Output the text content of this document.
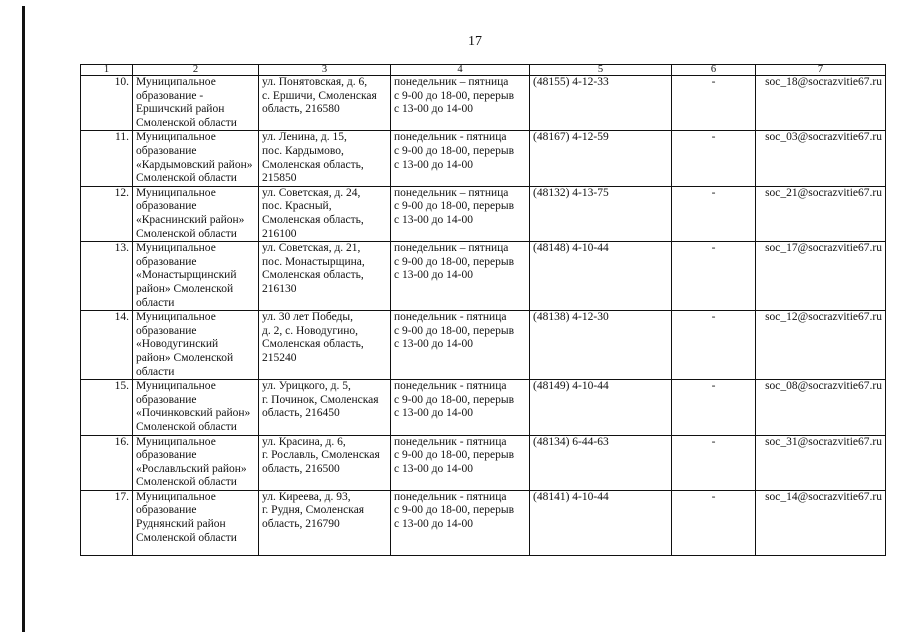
17
1	2	3	4	5	6	7
10.	Муниципальное
образование -
Ершичский район
Смоленской области	ул. Понятовская, д. 6,
с. Ершичи, Смоленская
область, 216580	понедельник – пятница
с 9-00 до 18-00, перерыв
с 13-00 до 14-00	(48155) 4-12-33	-	soc_18@socrazvitie67.ru
11.	Муниципальное
образование
«Кардымовский район»
Смоленской области	ул. Ленина, д. 15,
пос. Кардымово,
Смоленская область,
215850	понедельник - пятница
с 9-00 до 18-00, перерыв
с 13-00 до 14-00	(48167) 4-12-59	-	soc_03@socrazvitie67.ru
12.	Муниципальное
образование
«Краснинский район»
Смоленской области	ул. Советская, д. 24,
пос. Красный,
Смоленская область,
216100	понедельник – пятница
с 9-00 до 18-00, перерыв
с 13-00 до 14-00	(48132) 4-13-75	-	soc_21@socrazvitie67.ru
13.	Муниципальное
образование
«Монастырщинский
район» Смоленской
области	ул. Советская, д. 21,
пос. Монастырщина,
Смоленская область,
216130	понедельник – пятница
с 9-00 до 18-00, перерыв
с 13-00 до 14-00	(48148) 4-10-44	-	soc_17@socrazvitie67.ru
14.	Муниципальное
образование
«Новодугинский
район» Смоленской
области	ул. 30 лет Победы,
д. 2, с. Новодугино,
Смоленская область,
215240	понедельник - пятница
с 9-00 до 18-00, перерыв
с 13-00 до 14-00	(48138) 4-12-30	-	soc_12@socrazvitie67.ru
15.	Муниципальное
образование
«Починковский район»
Смоленской области	ул. Урицкого, д. 5,
г. Починок, Смоленская
область, 216450	понедельник - пятница
с 9-00 до 18-00, перерыв
с 13-00 до 14-00	(48149) 4-10-44	-	soc_08@socrazvitie67.ru
16.	Муниципальное
образование
«Рославльский район»
Смоленской области	ул. Красина, д. 6,
г. Рославль, Смоленская
область, 216500	понедельник - пятница
с 9-00 до 18-00, перерыв
с 13-00 до 14-00	(48134) 6-44-63	-	soc_31@socrazvitie67.ru
17.	Муниципальное
образование
Руднянский район
Смоленской области	ул. Киреева, д. 93,
г. Рудня, Смоленская
область, 216790	понедельник - пятница
с 9-00 до 18-00, перерыв
с 13-00 до 14-00	(48141) 4-10-44	-	soc_14@socrazvitie67.ru
